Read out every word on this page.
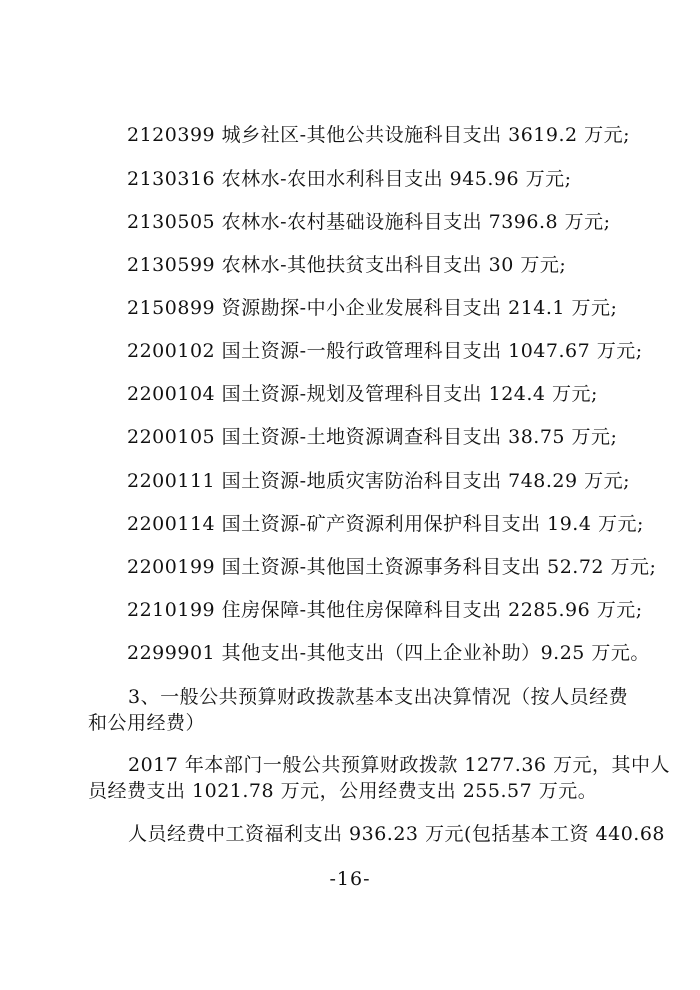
2120399 城乡社区-其他公共设施科目支出 3619.2 万元;
2130316 农林水-农田水利科目支出 945.96 万元;
2130505 农林水-农村基础设施科目支出 7396.8 万元;
2130599 农林水-其他扶贫支出科目支出 30 万元;
2150899 资源勘探-中小企业发展科目支出 214.1 万元;
2200102 国土资源-一般行政管理科目支出 1047.67 万元;
2200104 国土资源-规划及管理科目支出 124.4 万元;
2200105 国土资源-土地资源调查科目支出 38.75 万元;
2200111 国土资源-地质灾害防治科目支出 748.29 万元;
2200114 国土资源-矿产资源利用保护科目支出 19.4 万元;
2200199 国土资源-其他国土资源事务科目支出 52.72 万元;
2210199 住房保障-其他住房保障科目支出 2285.96 万元;
2299901 其他支出-其他支出（四上企业补助）9.25 万元。
3、一般公共预算财政拨款基本支出决算情况（按人员经费
和公用经费）
2017 年本部门一般公共预算财政拨款 1277.36 万元，其中人
员经费支出 1021.78 万元，公用经费支出 255.57 万元。
人员经费中工资福利支出 936.23 万元(包括基本工资 440.68
-16-
